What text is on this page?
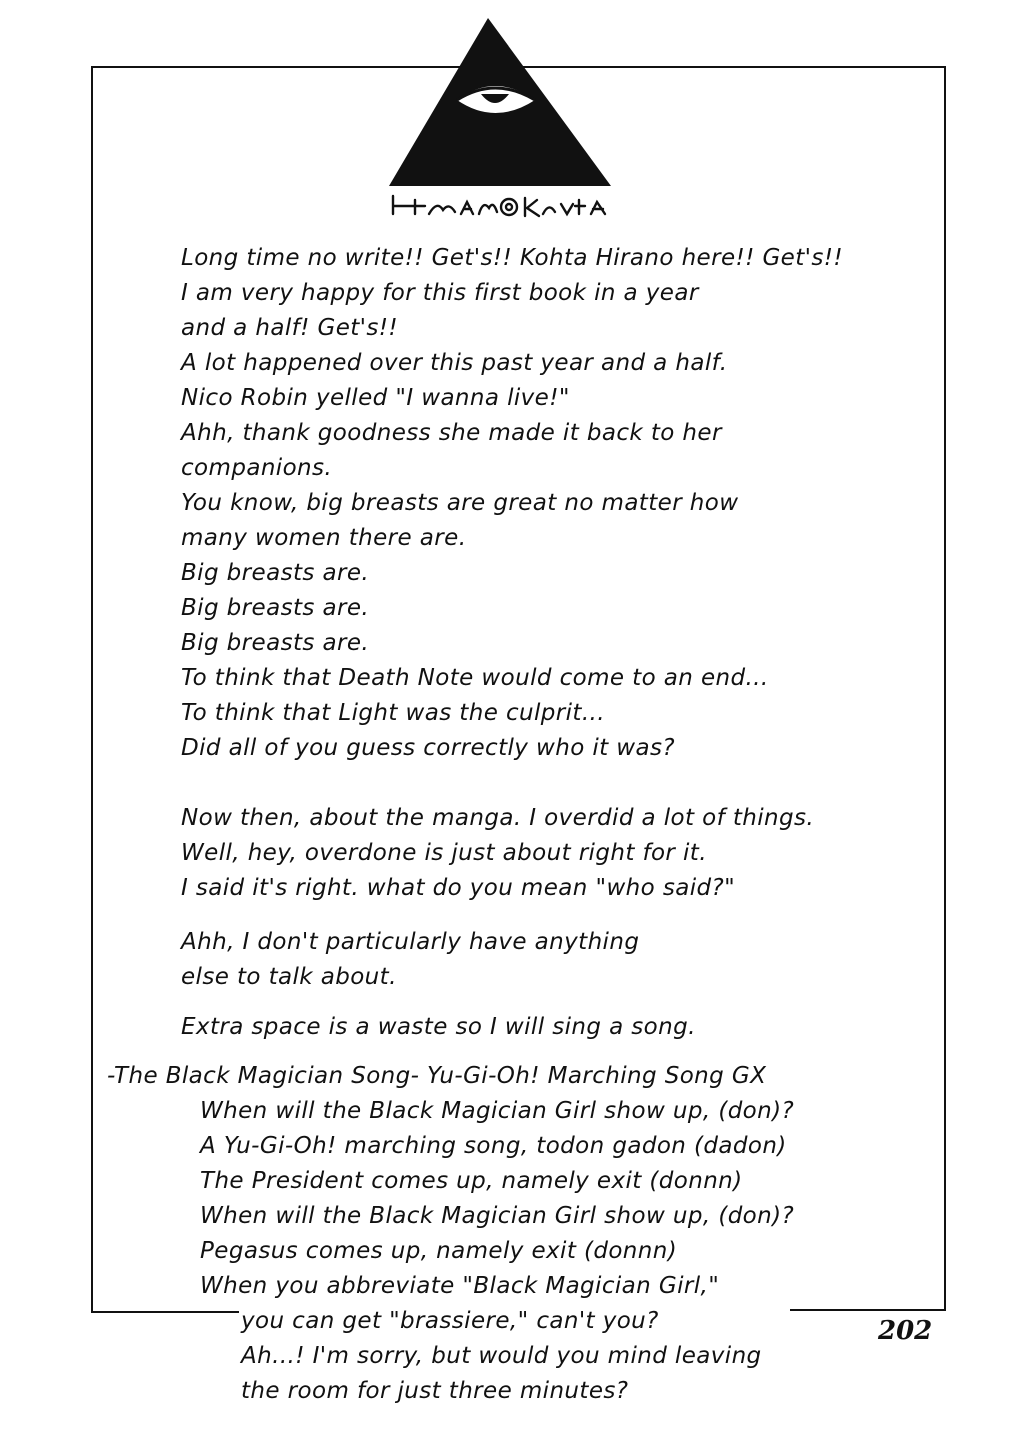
Long time no write!! Get's!! Kohta Hirano here!! Get's!!
I am very happy for this first book in a year
and a half! Get's!!
A lot happened over this past year and a half.
Nico Robin yelled "I wanna live!"
Ahh, thank goodness she made it back to her
companions.
You know, big breasts are great no matter how
many women there are.
Big breasts are.
Big breasts are.
Big breasts are.
To think that Death Note would come to an end...
To think that Light was the culprit...
Did all of you guess correctly who it was?
Now then, about the manga. I overdid a lot of things.
Well, hey, overdone is just about right for it.
I said it's right. what do you mean "who said?"
Ahh, I don't particularly have anything
else to talk about.
Extra space is a waste so I will sing a song.
-The Black Magician Song- Yu-Gi-Oh! Marching Song GX
When will the Black Magician Girl show up, (don)?
A Yu-Gi-Oh! marching song, todon gadon (dadon)
The President comes up, namely exit (donnn)
When will the Black Magician Girl show up, (don)?
Pegasus comes up, namely exit (donnn)
When you abbreviate "Black Magician Girl,"
you can get "brassiere," can't you?
Ah...! I'm sorry, but would you mind leaving
the room for just three minutes?
202
